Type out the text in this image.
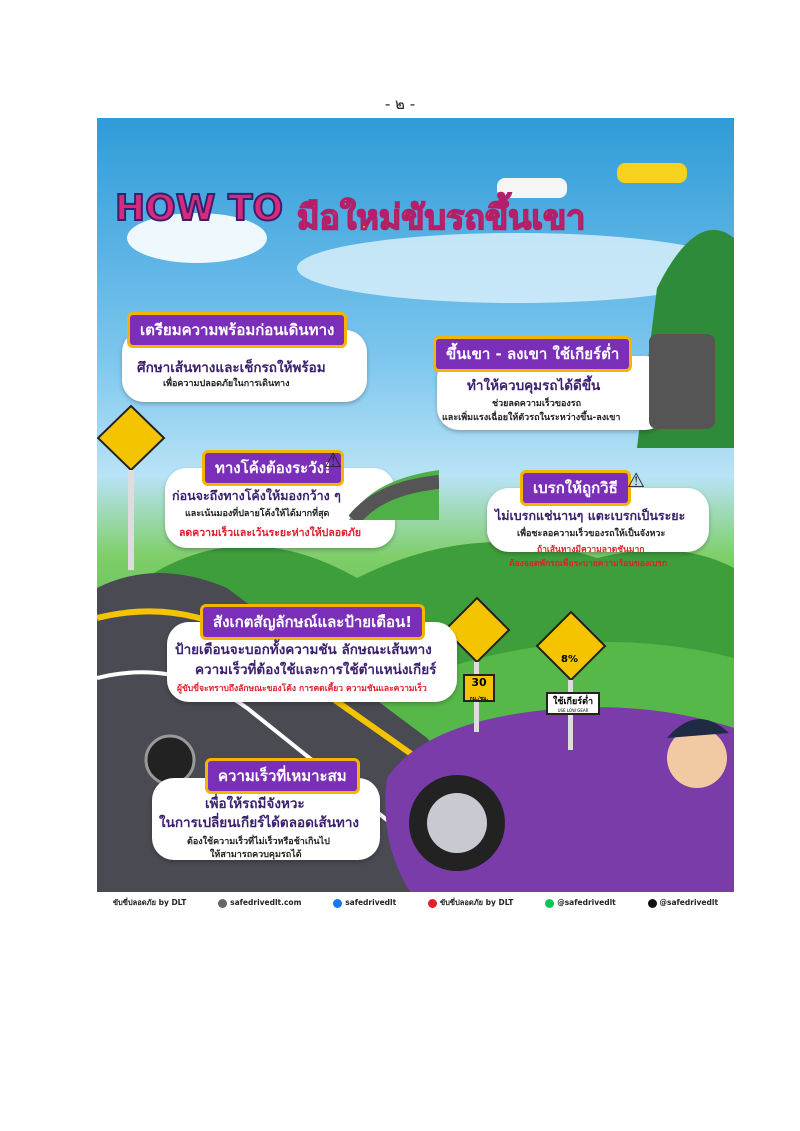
- ๒ -
HOW TO มือใหม่ขับรถขึ้นเขา
เตรียมความพร้อมก่อนเดินทาง
ศึกษาเส้นทางและเช็กรถให้พร้อม
เพื่อความปลอดภัยในการเดินทาง
ขึ้นเขา - ลงเขา ใช้เกียร์ต่ำ
ทำให้ควบคุมรถได้ดีขึ้น
ช่วยลดความเร็วของรถ
และเพิ่มแรงเฉื่อยให้ตัวรถในระหว่างขึ้น-ลงเขา
ทางโค้งต้องระวัง!
ก่อนจะถึงทางโค้งให้มองกว้าง ๆ
และเน้นมองที่ปลายโค้งให้ได้มากที่สุด
ลดความเร็วและเว้นระยะห่างให้ปลอดภัย
⚠
เบรกให้ถูกวิธี
ไม่เบรกแช่นานๆ แตะเบรกเป็นระยะ
เพื่อชะลอความเร็วของรถให้เป็นจังหวะ
ถ้าเส้นทางมีความลาดชันมาก
ต้องจอดพักรถเพื่อระบายความร้อนของเบรก
⚠
สังเกตสัญลักษณ์และป้ายเตือน!
ป้ายเตือนจะบอกทั้งความชัน ลักษณะเส้นทาง
ความเร็วที่ต้องใช้และการใช้ตำแหน่งเกียร์
ผู้ขับขี่จะทราบถึงลักษณะของโค้ง การคดเคี้ยว ความชันและความเร็ว	30
กม./ชม.
8%
ใช้เกียร์ต่ำ
USE LOW GEAR
ความเร็วที่เหมาะสม
เพื่อให้รถมีจังหวะ
ในการเปลี่ยนเกียร์ได้ตลอดเส้นทาง
ต้องใช้ความเร็วที่ไม่เร็วหรือช้าเกินไป
ให้สามารถควบคุมรถได้
ขับขี่ปลอดภัย by DLT	safedrivedlt.com	safedrivedlt	ขับขี่ปลอดภัย by DLT	@safedrivedlt	@safedrivedlt
